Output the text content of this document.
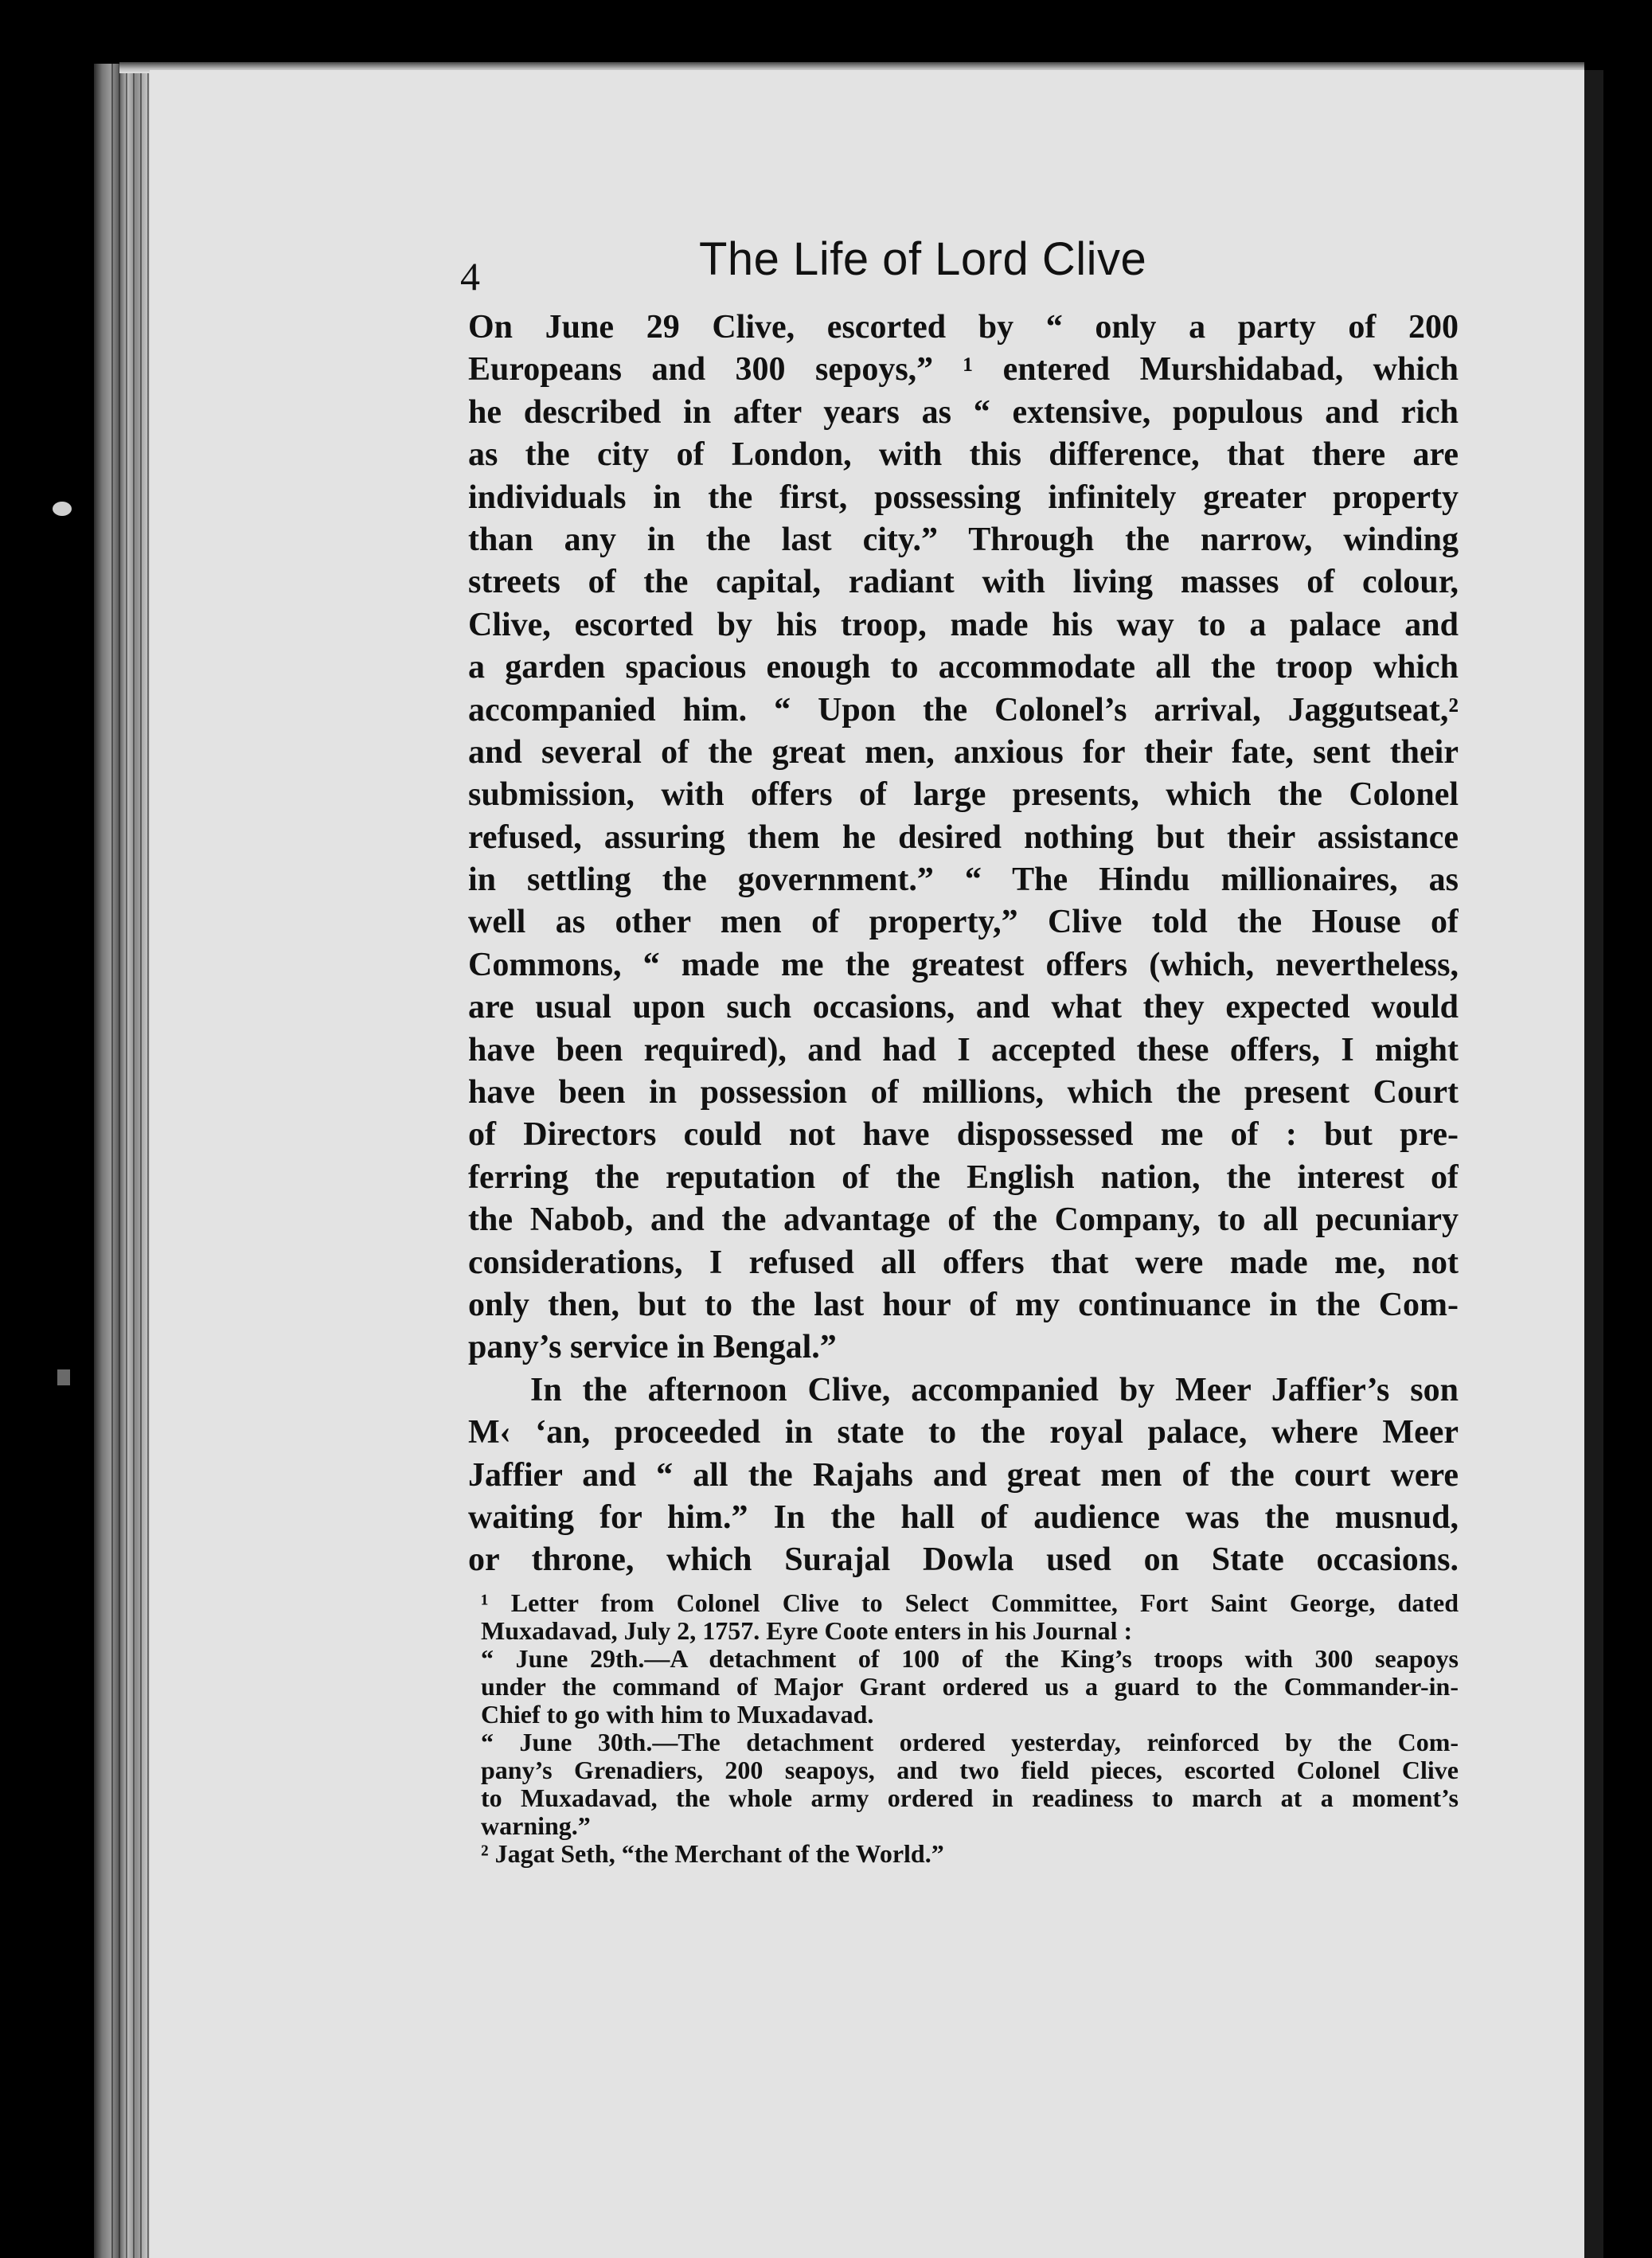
4	The Life of Lord Clive
On June 29 Clive, escorted by “ only a party of 200
Europeans and 300 sepoys,” ¹ entered Murshidabad, which
he described in after years as “ extensive, populous and rich
as the city of London, with this difference, that there are
individuals in the first, possessing infinitely greater property
than any in the last city.” Through the narrow, winding
streets of the capital, radiant with living masses of colour,
Clive, escorted by his troop, made his way to a palace and
a garden spacious enough to accommodate all the troop which
accompanied him. “ Upon the Colonel’s arrival, Jaggutseat,²
and several of the great men, anxious for their fate, sent their
submission, with offers of large presents, which the Colonel
refused, assuring them he desired nothing but their assistance
in settling the government.” “ The Hindu millionaires, as
well as other men of property,” Clive told the House of
Commons, “ made me the greatest offers (which, nevertheless,
are usual upon such occasions, and what they expected would
have been required), and had I accepted these offers, I might
have been in possession of millions, which the present Court
of Directors could not have dispossessed me of : but pre-
ferring the reputation of the English nation, the interest of
the Nabob, and the advantage of the Company, to all pecuniary
considerations, I refused all offers that were made me, not
only then, but to the last hour of my continuance in the Com-
pany’s service in Bengal.”
In the afternoon Clive, accompanied by Meer Jaffier’s son
M‹ ‘an, proceeded in state to the royal palace, where Meer
Jaffier and “ all the Rajahs and great men of the court were
waiting for him.” In the hall of audience was the musnud,
or throne, which Surajal Dowla used on State occasions.
¹ Letter from Colonel Clive to Select Committee, Fort Saint George, dated
Muxadavad, July 2, 1757. Eyre Coote enters in his Journal :
“ June 29th.—A detachment of 100 of the King’s troops with 300 seapoys
under the command of Major Grant ordered us a guard to the Commander-in-
Chief to go with him to Muxadavad.
“ June 30th.—The detachment ordered yesterday, reinforced by the Com-
pany’s Grenadiers, 200 seapoys, and two field pieces, escorted Colonel Clive
to Muxadavad, the whole army ordered in readiness to march at a moment’s
warning.”
² Jagat Seth, “the Merchant of the World.”
